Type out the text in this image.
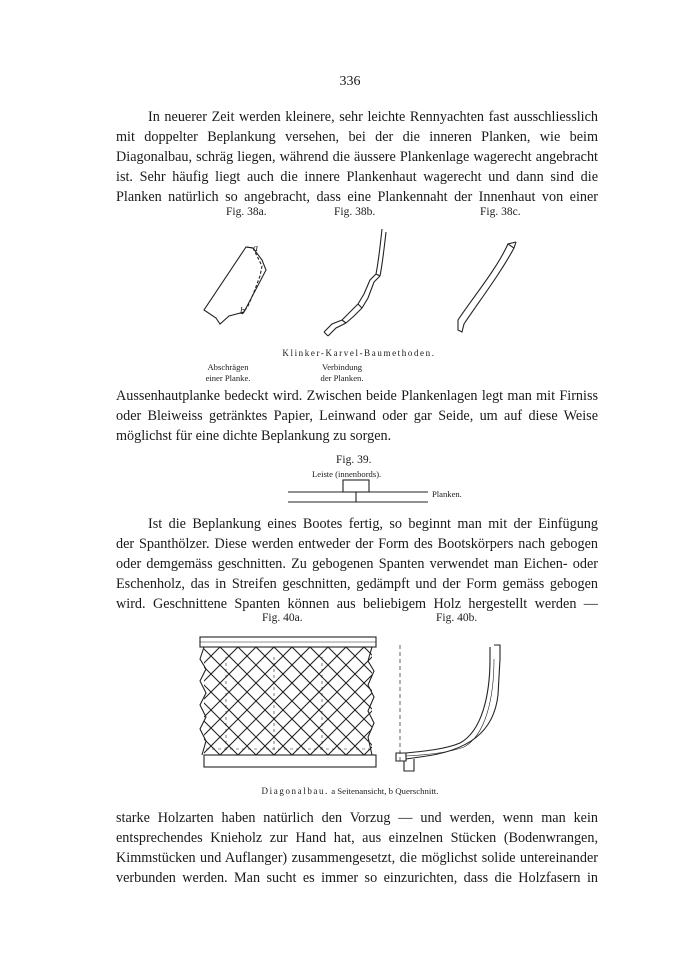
336
In neuerer Zeit werden kleinere, sehr leichte Rennyachten fast ausschliesslich
mit doppelter Beplankung versehen, bei der die inneren Planken, wie beim
Diagonalbau, schräg liegen, während die äussere Plankenlage wagerecht angebracht
ist. Sehr häufig liegt auch die innere Plankenhaut wagerecht und dann sind die
Planken natürlich so angebracht, dass eine Plankennaht der Innenhaut von einer
Fig. 38a.	Fig. 38b.	Fig. 38c.
a
b
Klinker-Karvel-Baumethoden.
Abschrägen
einer Planke.
Verbindung
der Planken.
Aussenhautplanke bedeckt wird. Zwischen beide Plankenlagen legt man mit Firniss
oder Bleiweiss getränktes Papier, Leinwand oder gar Seide, um auf diese Weise
möglichst für eine dichte Beplankung zu sorgen.
Fig. 39.
Leiste (innenbords).
Planken.
Ist die Beplankung eines Bootes fertig, so beginnt man mit der Einfügung
der Spanthölzer. Diese werden entweder der Form des Bootskörpers nach gebogen
oder demgemäss geschnitten. Zu gebogenen Spanten verwendet man Eichen- oder
Eschenholz, das in Streifen geschnitten, gedämpft und der Form gemäss gebogen
wird. Geschnittene Spanten können aus beliebigem Holz hergestellt werden —
Fig. 40a.	Fig. 40b.
Diagonalbau. a Seitenansicht, b Querschnitt.
starke Holzarten haben natürlich den Vorzug — und werden, wenn man kein
entsprechendes Knieholz zur Hand hat, aus einzelnen Stücken (Bodenwrangen,
Kimmstücken und Auflanger) zusammengesetzt, die möglichst solide untereinander
verbunden werden. Man sucht es immer so einzurichten, dass die Holzfasern in
